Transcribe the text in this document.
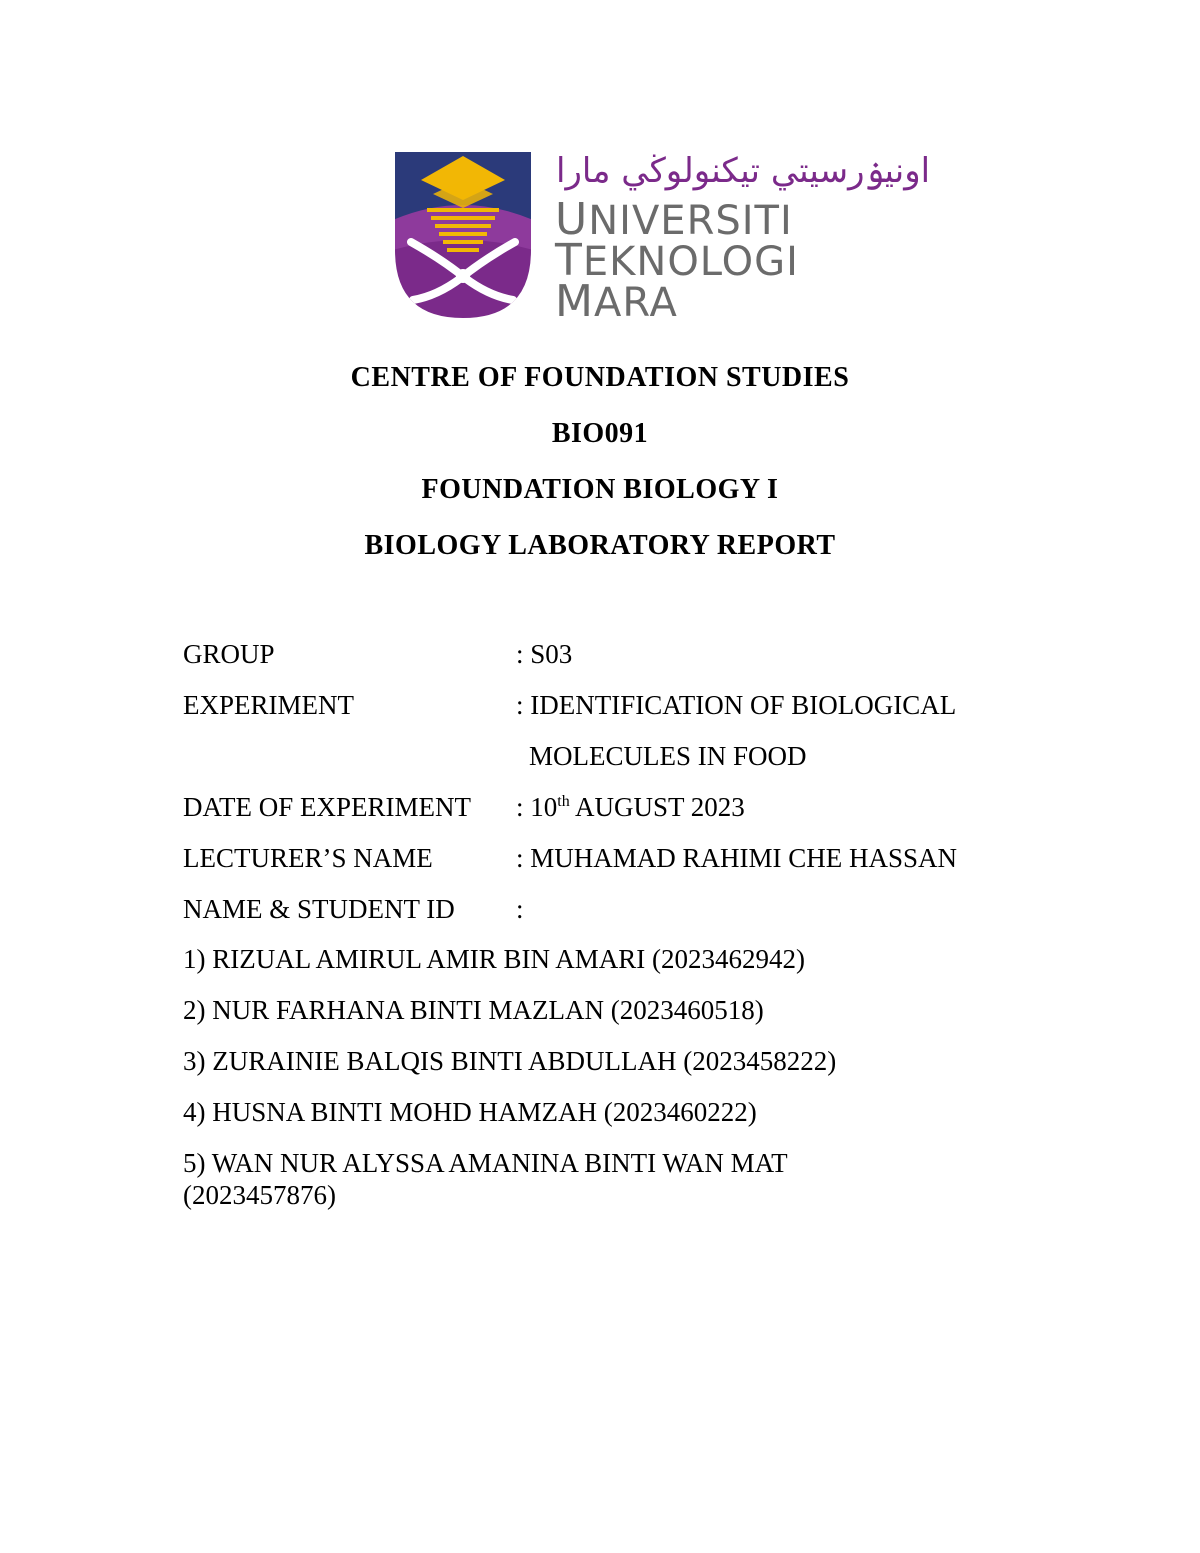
اونيۏرسيتي تيكنولوڬي مارا
UNIVERSITI
TEKNOLOGI
MARA
CENTRE OF FOUNDATION STUDIES
BIO091
FOUNDATION BIOLOGY I
BIOLOGY LABORATORY REPORT
GROUP	: S03
EXPERIMENT	: IDENTIFICATION OF BIOLOGICAL
MOLECULES IN FOOD
DATE OF EXPERIMENT : 10th AUGUST 2023
LECTURER’S NAME	: MUHAMAD RAHIMI CHE HASSAN
NAME & STUDENT ID :
1) RIZUAL AMIRUL AMIR BIN AMARI (2023462942)
2) NUR FARHANA BINTI MAZLAN (2023460518)
3) ZURAINIE BALQIS BINTI ABDULLAH (2023458222)
4) HUSNA BINTI MOHD HAMZAH (2023460222)
5) WAN NUR ALYSSA AMANINA BINTI WAN MAT (2023457876)
